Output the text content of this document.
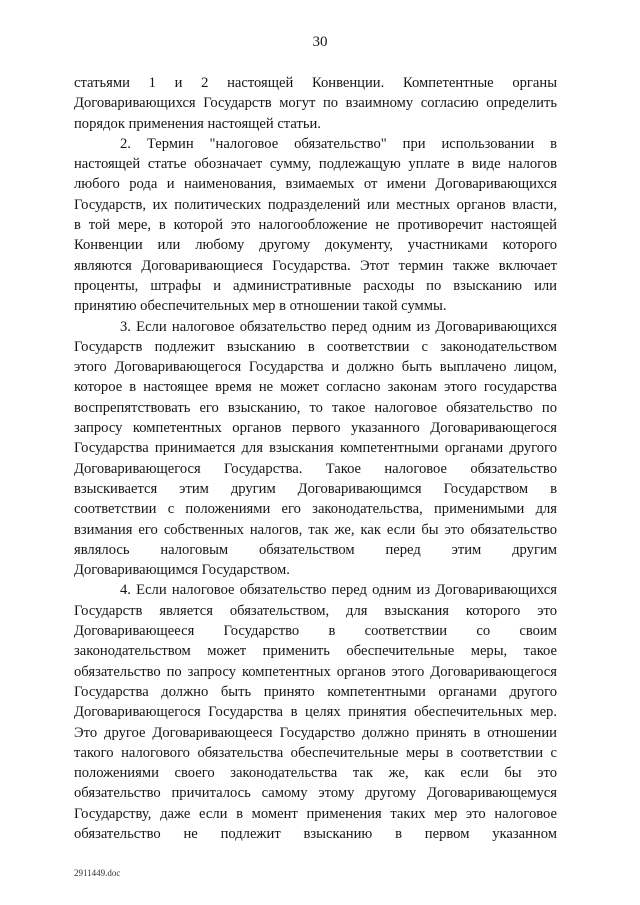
30
статьями 1 и 2 настоящей Конвенции. Компетентные органы
Договаривающихся Государств могут по взаимному согласию определить
порядок применения настоящей статьи.
2. Термин "налоговое обязательство" при использовании в
настоящей статье обозначает сумму, подлежащую уплате в виде налогов
любого рода и наименования, взимаемых от имени Договаривающихся
Государств, их политических подразделений или местных органов власти,
в той мере, в которой это налогообложение не противоречит настоящей
Конвенции или любому другому документу, участниками которого
являются Договаривающиеся Государства. Этот термин также включает
проценты, штрафы и административные расходы по взысканию или
принятию обеспечительных мер в отношении такой суммы.
3. Если налоговое обязательство перед одним из Договаривающихся
Государств подлежит взысканию в соответствии с законодательством
этого Договаривающегося Государства и должно быть выплачено лицом,
которое в настоящее время не может согласно законам этого государства
воспрепятствовать его взысканию, то такое налоговое обязательство по
запросу компетентных органов первого указанного Договаривающегося
Государства принимается для взыскания компетентными органами другого
Договаривающегося Государства. Такое налоговое обязательство
взыскивается этим другим Договаривающимся Государством в
соответствии с положениями его законодательства, применимыми для
взимания его собственных налогов, так же, как если бы это обязательство
являлось налоговым обязательством перед этим другим
Договаривающимся Государством.
4. Если налоговое обязательство перед одним из Договаривающихся
Государств является обязательством, для взыскания которого это
Договаривающееся Государство в соответствии со своим
законодательством может применить обеспечительные меры, такое
обязательство по запросу компетентных органов этого Договаривающегося
Государства должно быть принято компетентными органами другого
Договаривающегося Государства в целях принятия обеспечительных мер.
Это другое Договаривающееся Государство должно принять в отношении
такого налогового обязательства обеспечительные меры в соответствии с
положениями своего законодательства так же, как если бы это
обязательство причиталось самому этому другому Договаривающемуся
Государству, даже если в момент применения таких мер это налоговое
обязательство не подлежит взысканию в первом указанном
2911449.doc
